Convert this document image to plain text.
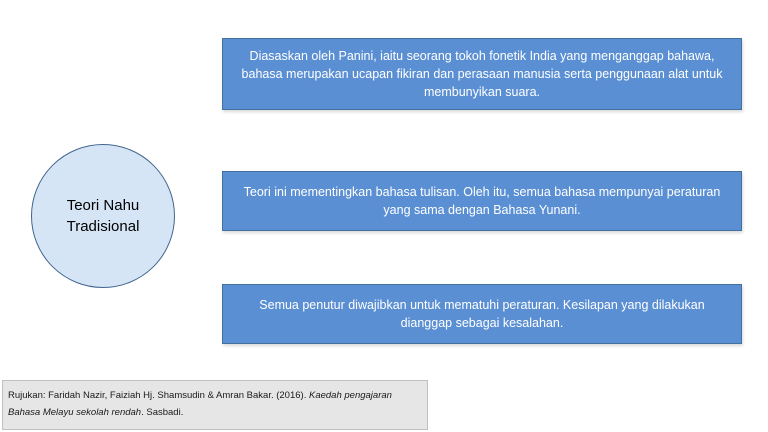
Teori Nahu
Tradisional
Diasaskan oleh Panini, iaitu seorang tokoh fonetik India yang menganggap bahawa, bahasa merupakan ucapan fikiran dan perasaan manusia serta penggunaan alat untuk membunyikan suara.
Teori ini mementingkan bahasa tulisan. Oleh itu, semua bahasa mempunyai peraturan yang sama dengan Bahasa Yunani.
Semua penutur diwajibkan untuk mematuhi peraturan. Kesilapan yang dilakukan dianggap sebagai kesalahan.
Rujukan: Faridah Nazir, Faiziah Hj. Shamsudin & Amran Bakar. (2016). Kaedah pengajaran Bahasa Melayu sekolah rendah. Sasbadi.
